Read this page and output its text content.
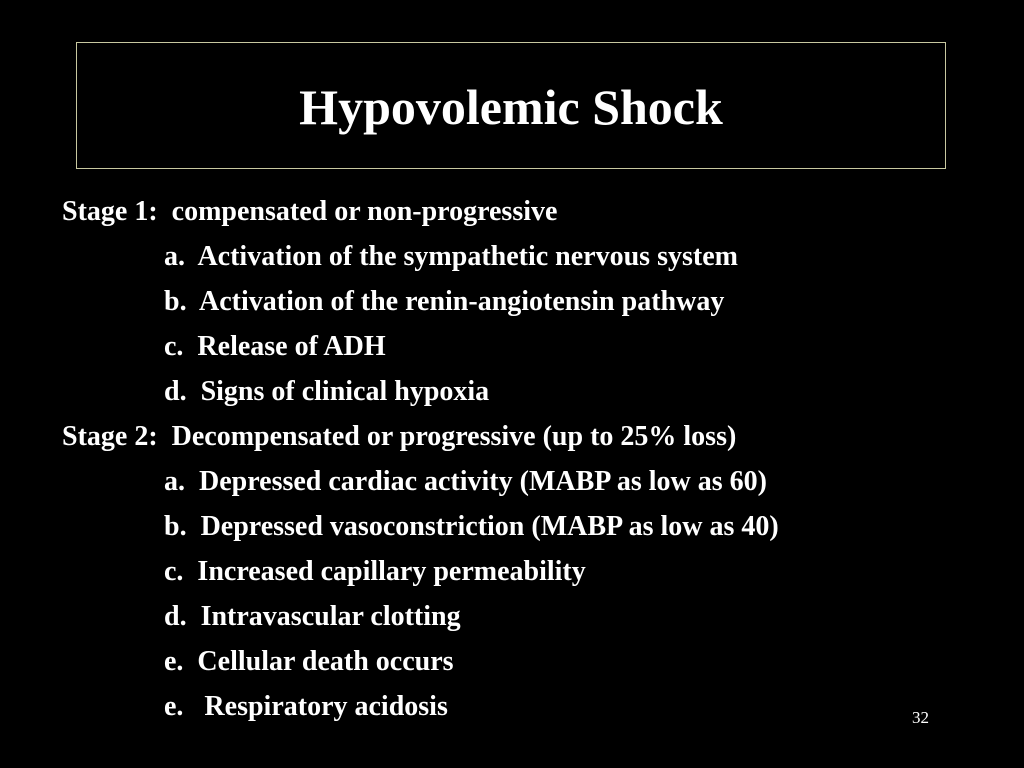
Hypovolemic Shock
Stage 1:  compensated or non-progressive
a.  Activation of the sympathetic nervous system
b.  Activation of the renin-angiotensin pathway
c.  Release of ADH
d.  Signs of clinical hypoxia
Stage 2:  Decompensated or progressive (up to 25% loss)
a.  Depressed cardiac activity (MABP as low as 60)
b.  Depressed vasoconstriction (MABP as low as 40)
c.  Increased capillary permeability
d.  Intravascular clotting
e.  Cellular death occurs
e.   Respiratory acidosis	32
